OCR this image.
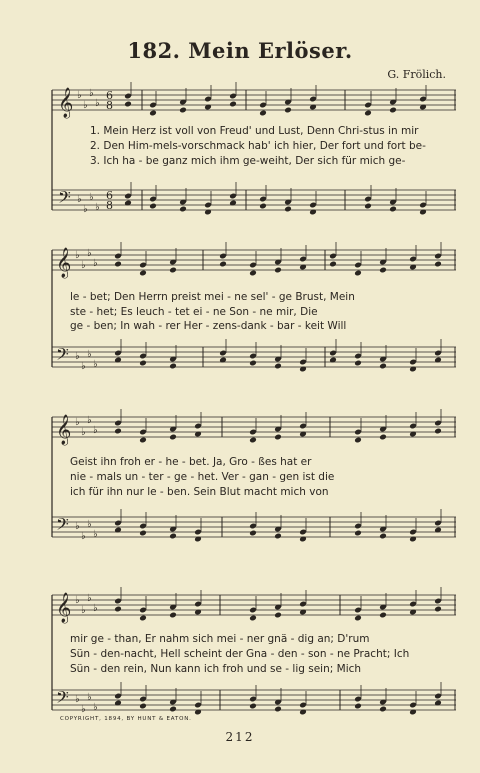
182. Mein Erlöser.
G. Frölich.
𝄞
𝄢
♭
♭
♭
♭
♭
♭
♭
♭
6
8
6
8
𝄞
𝄢
♭
♭
♭
♭
♭
♭
♭
♭
𝄞
𝄢
♭
♭
♭
♭
♭
♭
♭
♭
𝄞
𝄢
♭
♭
♭
♭
♭
♭
♭
♭
1. Mein Herz ist voll von Freud' und Lust, Denn Chri-stus in mir
2. Den Him-mels-vorschmack hab' ich hier, Der fort und fort be-
3. Ich ha - be ganz mich ihm ge-weiht, Der sich für mich ge-
le - bet; Den Herrn preist mei - ne sel' - ge Brust, Mein
ste - het; Es leuch - tet ei - ne Son - ne mir, Die
ge - ben; In wah - rer Her - zens-dank - bar - keit Will
Geist ihn froh er - he - bet. Ja, Gro - ßes hat er
nie - mals un - ter - ge - het. Ver - gan - gen ist die
ich für ihn nur le - ben. Sein Blut macht mich von
mir ge - than, Er nahm sich mei - ner gnä - dig an; D'rum
Sün - den-nacht, Hell scheint der Gna - den - son - ne Pracht; Ich
Sün - den rein, Nun kann ich froh und se - lig sein; Mich
COPYRIGHT, 1894, BY HUNT & EATON.
212
